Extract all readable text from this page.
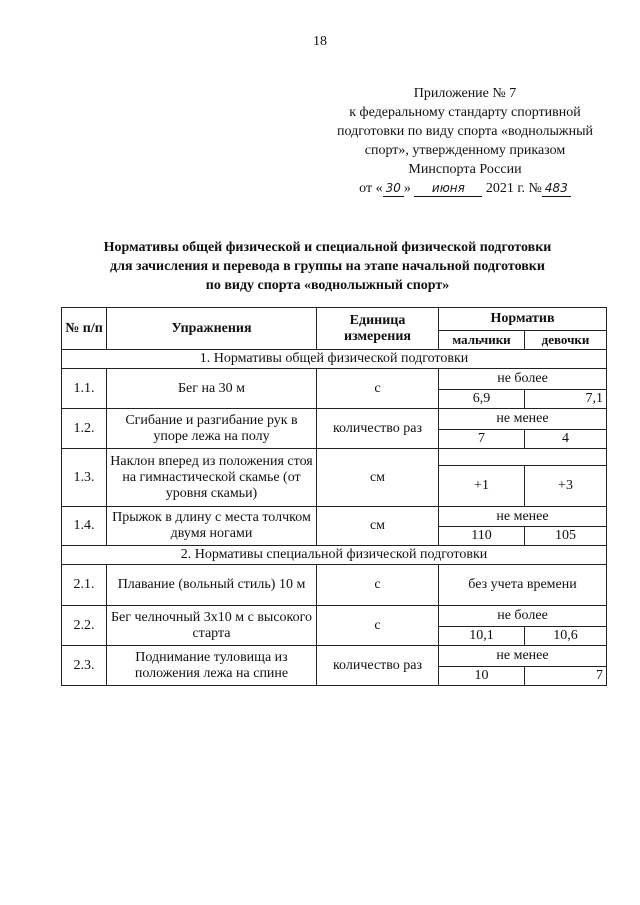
18
Приложение № 7
к федеральному стандарту спортивной
подготовки по виду спорта «воднолыжный
спорт», утвержденному приказом
Минспорта России
от « 30 » июня 2021 г. № 483
Нормативы общей физической и специальной физической подготовки
для зачисления и перевода в группы на этапе начальной подготовки
по виду спорта «воднолыжный спорт»
№ п/п	Упражнения	Единица измерения	Норматив	
			мальчики	девочки
1. Нормативы общей физической подготовки				
1.1.	Бег на 30 м	с	не более	
			6,9	7,1
1.2.	Сгибание и разгибание рук в упоре лежа на полу	количество раз	не менее	
			7	4
1.3.	Наклон вперед из положения стоя на гимнастической скамье (от уровня скамьи)	см		
			+1	+3
1.4.	Прыжок в длину с места толчком двумя ногами	см	не менее	
			110	105
2. Нормативы специальной физической подготовки				
2.1.	Плавание (вольный стиль) 10 м	с	без учета времени	
2.2.	Бег челночный 3х10 м с высокого старта	с	не более	
			10,1	10,6
2.3.	Поднимание туловища из положения лежа на спине	количество раз	не менее	
			10	7
